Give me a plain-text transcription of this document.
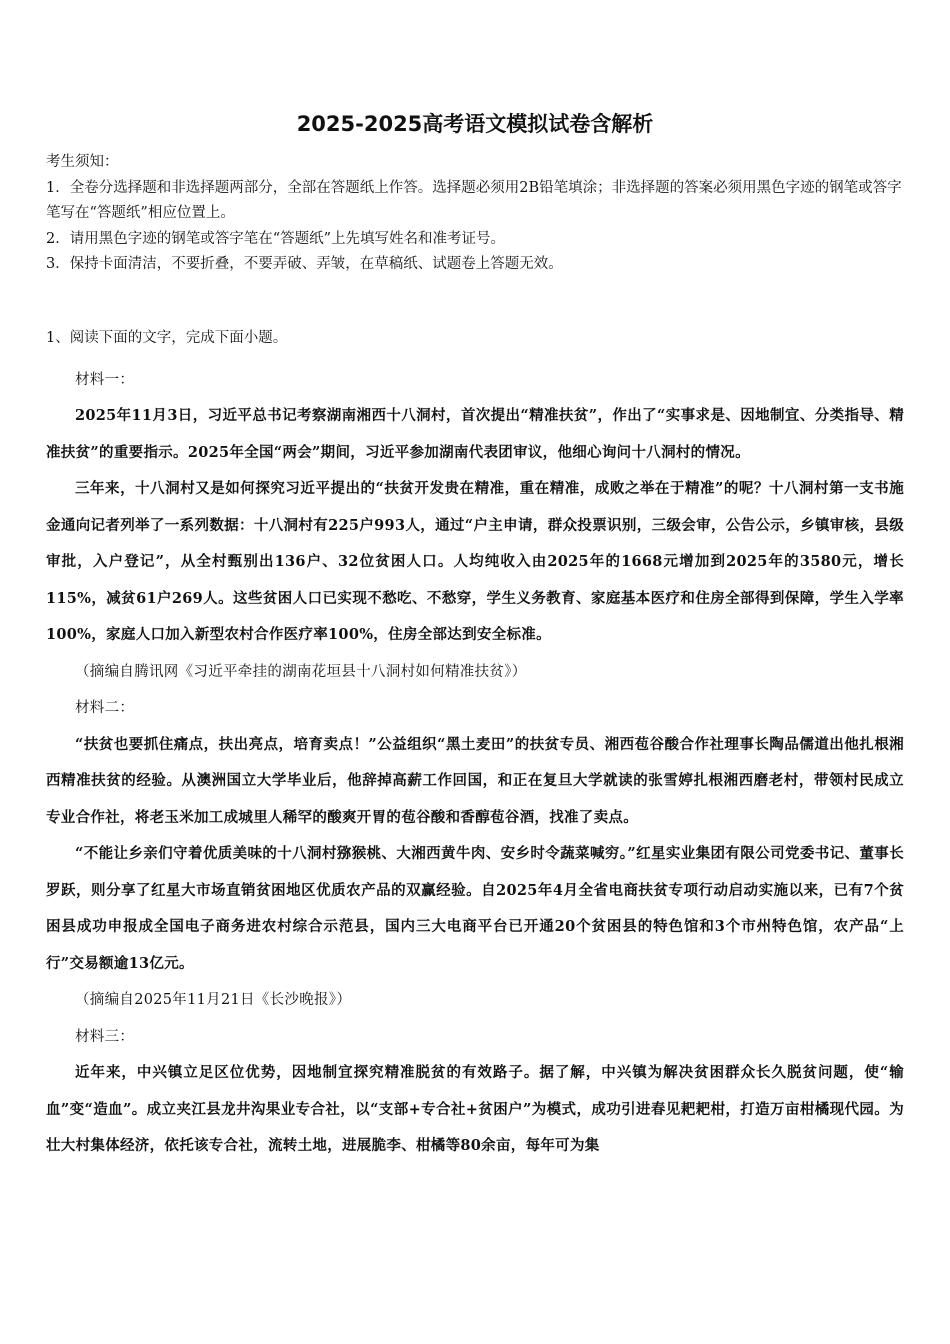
2025-2025高考语文模拟试卷含解析
考生须知：
1．全卷分选择题和非选择题两部分，全部在答题纸上作答。选择题必须用2B铅笔填涂；非选择题的答案必须用黑色字迹的钢笔或答字笔写在“答题纸”相应位置上。
2．请用黑色字迹的钢笔或答字笔在“答题纸”上先填写姓名和准考证号。
3．保持卡面清洁，不要折叠，不要弄破、弄皱，在草稿纸、试题卷上答题无效。
1、阅读下面的文字，完成下面小题。

材料一：

2025年11月3日，习近平总书记考察湖南湘西十八洞村，首次提出“精准扶贫”，作出了“实事求是、因地制宜、分类指导、精准扶贫”的重要指示。2025年全国“两会”期间，习近平参加湖南代表团审议，他细心询问十八洞村的情况。

三年来，十八洞村又是如何探究习近平提出的“扶贫开发贵在精准，重在精准，成败之举在于精准”的呢？十八洞村第一支书施金通向记者列举了一系列数据：十八洞村有225户993人，通过“户主申请，群众投票识别，三级会审，公告公示，乡镇审核，县级审批，入户登记”，从全村甄别出136户、32位贫困人口。人均纯收入由2025年的1668元增加到2025年的3580元，增长115%，减贫61户269人。这些贫困人口已实现不愁吃、不愁穿，学生义务教育、家庭基本医疗和住房全部得到保障，学生入学率100%，家庭人口加入新型农村合作医疗率100%，住房全部达到安全标准。

（摘编自腾讯网《习近平牵挂的湖南花垣县十八洞村如何精准扶贫》）

材料二：

“扶贫也要抓住痛点，扶出亮点，培育卖点！”公益组织“黑土麦田”的扶贫专员、湘西苞谷酸合作社理事长陶品儒道出他扎根湘西精准扶贫的经验。从澳洲国立大学毕业后，他辞掉高薪工作回国，和正在复旦大学就读的张雪婷扎根湘西磨老村，带领村民成立专业合作社，将老玉米加工成城里人稀罕的酸爽开胃的苞谷酸和香醇苞谷酒，找准了卖点。

“不能让乡亲们守着优质美味的十八洞村猕猴桃、大湘西黄牛肉、安乡时令蔬菜喊穷。”红星实业集团有限公司党委书记、董事长罗跃，则分享了红星大市场直销贫困地区优质农产品的双赢经验。自2025年4月全省电商扶贫专项行动启动实施以来，已有7个贫困县成功申报成全国电子商务进农村综合示范县，国内三大电商平台已开通20个贫困县的特色馆和3个市州特色馆，农产品“上行”交易额逾13亿元。

（摘编自2025年11月21日《长沙晚报》）

材料三：

近年来，中兴镇立足区位优势，因地制宜探究精准脱贫的有效路子。据了解，中兴镇为解决贫困群众长久脱贫问题，使“输血”变“造血”。成立夹江县龙井沟果业专合社，以“支部+专合社+贫困户”为模式，成功引进春见耙耙柑，打造万亩柑橘现代园。为壮大村集体经济，依托该专合社，流转土地，进展脆李、柑橘等80余亩，每年可为集
